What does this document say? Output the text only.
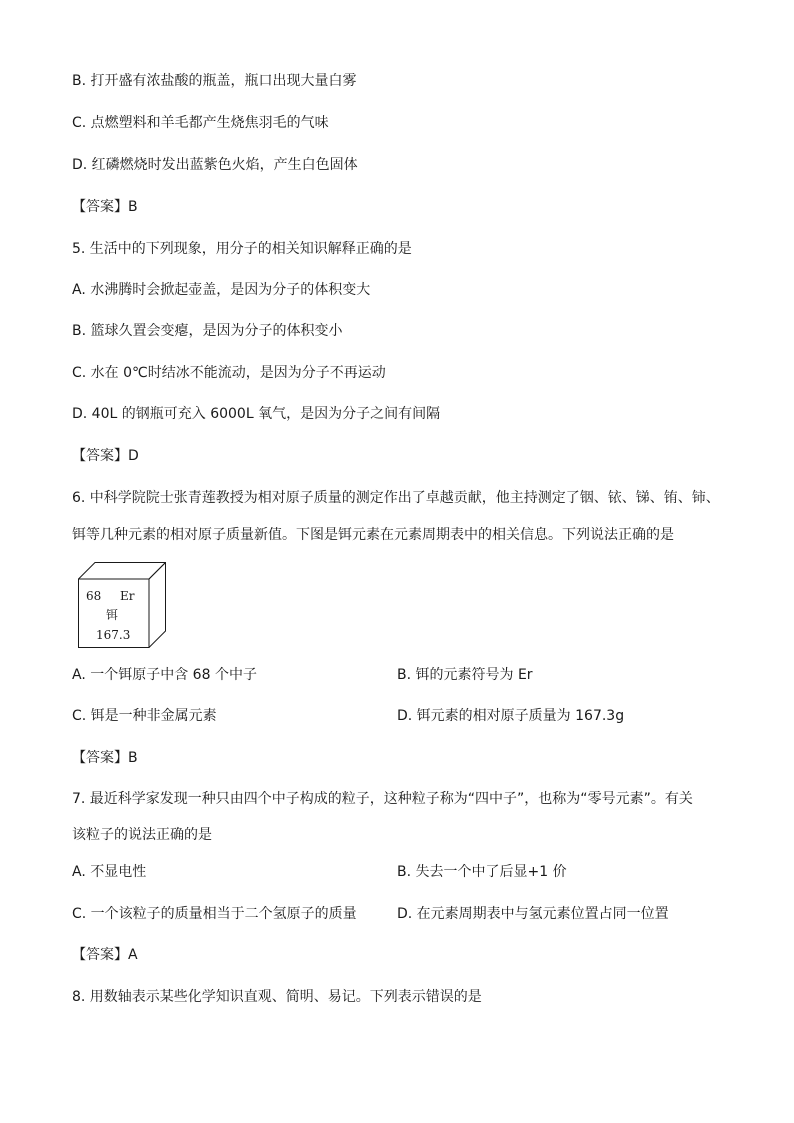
B. 打开盛有浓盐酸的瓶盖，瓶口出现大量白雾
C. 点燃塑料和羊毛都产生烧焦羽毛的气味
D. 红磷燃烧时发出蓝紫色火焰，产生白色固体
【答案】B
5. 生活中的下列现象，用分子的相关知识解释正确的是
A. 水沸腾时会掀起壶盖，是因为分子的体积变大
B. 篮球久置会变瘪，是因为分子的体积变小
C. 水在 0℃时结冰不能流动，是因为分子不再运动
D. 40L 的钢瓶可充入 6000L 氧气，是因为分子之间有间隔
【答案】D
6. 中科学院院士张青莲教授为相对原子质量的测定作出了卓越贡献，他主持测定了铟、铱、锑、铕、铈、
铒等几种元素的相对原子质量新值。下图是铒元素在元素周期表中的相关信息。下列说法正确的是
68 Er
铒
167.3
A. 一个铒原子中含 68 个中子	B. 铒的元素符号为 Er
C. 铒是一种非金属元素	D. 铒元素的相对原子质量为 167.3g
【答案】B
7. 最近科学家发现一种只由四个中子构成的粒子，这种粒子称为“四中子”，也称为“零号元素”。有关
该粒子的说法正确的是
A. 不显电性	B. 失去一个中了后显+1 价
C. 一个该粒子的质量相当于二个氢原子的质量	D. 在元素周期表中与氢元素位置占同一位置
【答案】A
8. 用数轴表示某些化学知识直观、简明、易记。下列表示错误的是
